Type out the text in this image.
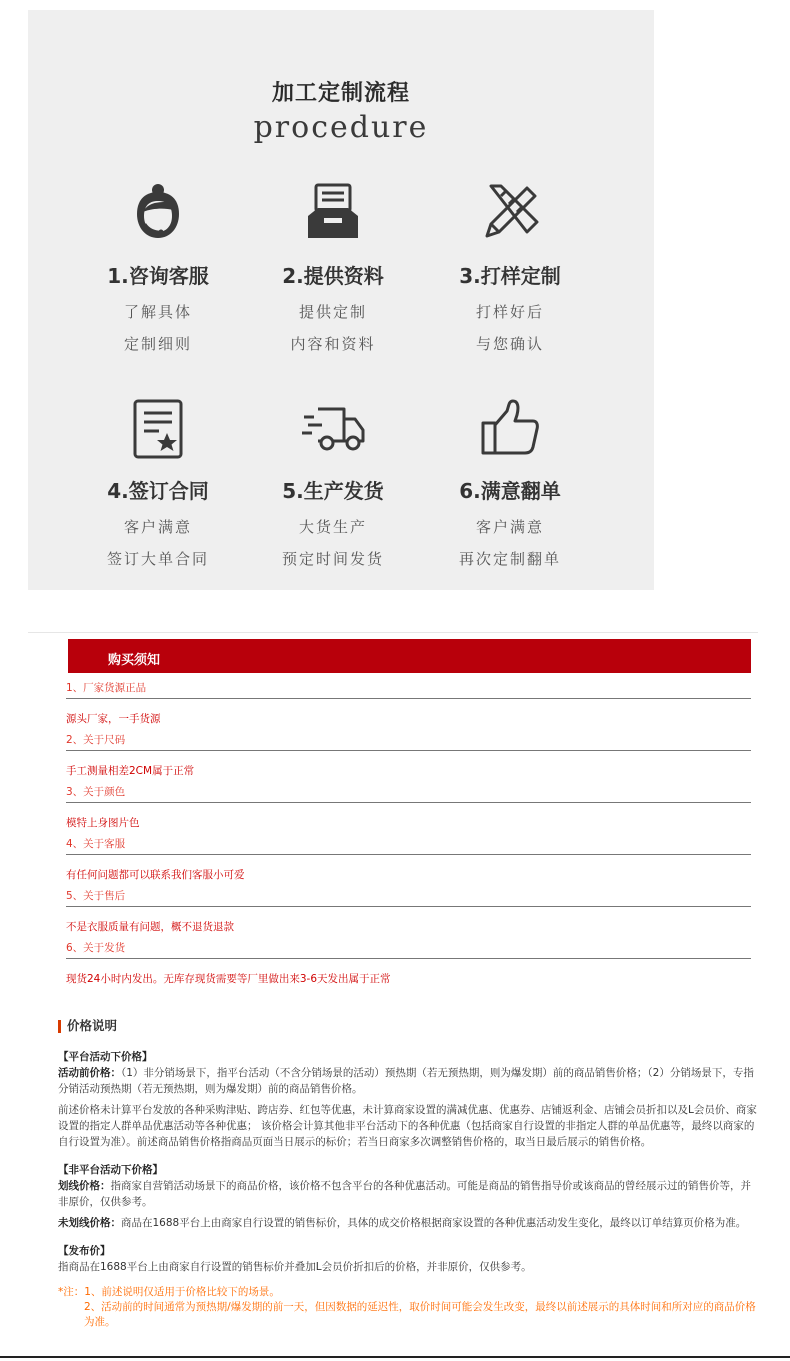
加工定制流程
procedure
1.咨询客服
了解具体
定制细则
2.提供资料
提供定制
内容和资料
3.打样定制
打样好后
与您确认
4.签订合同
客户满意
签订大单合同
5.生产发货
大货生产
预定时间发货
6.满意翻单
客户满意
再次定制翻单
购买须知
1、厂家货源正品
源头厂家，一手货源
2、关于尺码
手工测量相差2CM属于正常
3、关于颜色
模特上身图片色
4、关于客服
有任何问题都可以联系我们客服小可爱
5、关于售后
不是衣服质量有问题，概不退货退款
6、关于发货
现货24小时内发出。无库存现货需要等厂里做出来3-6天发出属于正常
价格说明
【平台活动下价格】
活动前价格：（1）非分销场景下，指平台活动（不含分销场景的活动）预热期（若无预热期，则为爆发期）前的商品销售价格；（2）分销场景下，专指分销活动预热期（若无预热期，则为爆发期）前的商品销售价格。
前述价格未计算平台发放的各种采购津贴、跨店券、红包等优惠，未计算商家设置的满减优惠、优惠券、店铺返利金、店铺会员折扣以及L会员价、商家设置的指定人群单品优惠活动等各种优惠； 该价格会计算其他非平台活动下的各种优惠（包括商家自行设置的非指定人群的单品优惠等，最终以商家的自行设置为准）。前述商品销售价格指商品页面当日展示的标价；若当日商家多次调整销售价格的，取当日最后展示的销售价格。
【非平台活动下价格】
划线价格：指商家自营销活动场景下的商品价格，该价格不包含平台的各种优惠活动。可能是商品的销售指导价或该商品的曾经展示过的销售价等，并非原价，仅供参考。
未划线价格：商品在1688平台上由商家自行设置的销售标价，具体的成交价格根据商家设置的各种优惠活动发生变化，最终以订单结算页价格为准。
【发布价】
指商品在1688平台上由商家自行设置的销售标价并叠加L会员价折扣后的价格，并非原价，仅供参考。
*注：1、前述说明仅适用于价格比较下的场景。
2、活动前的时间通常为预热期/爆发期的前一天，但因数据的延迟性，取价时间可能会发生改变，最终以前述展示的具体时间和所对应的商品价格为准。
